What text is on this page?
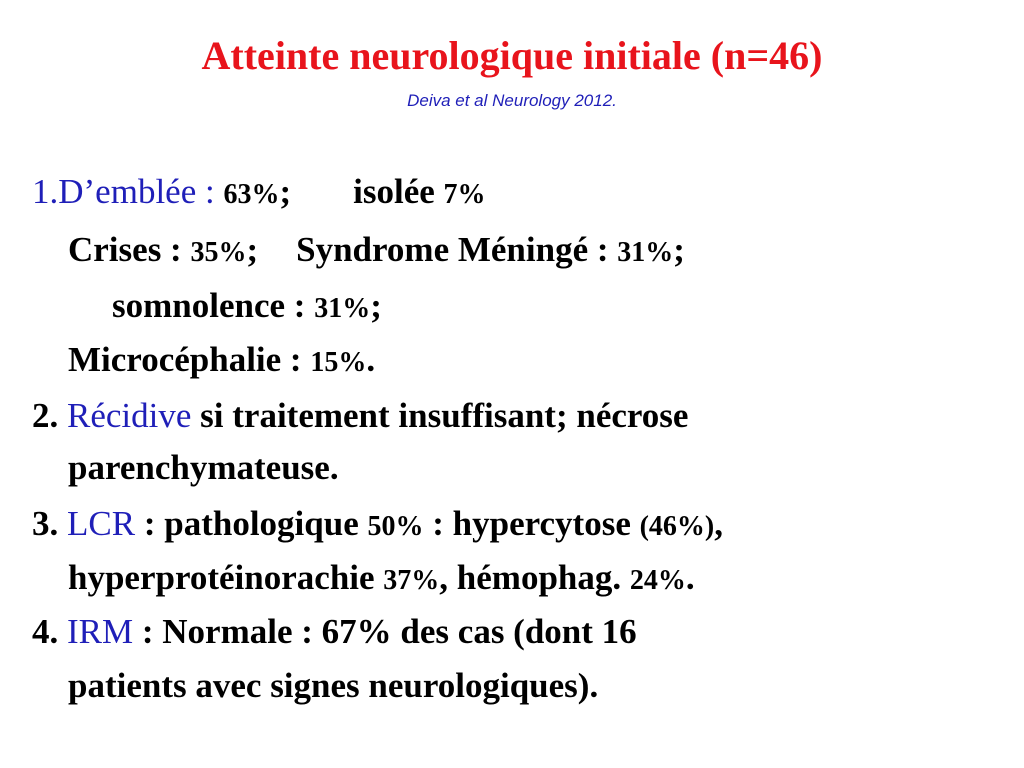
Atteinte neurologique initiale (n=46)
Deiva et al Neurology 2012.
1.D’emblée : 63%; isolée 7%
Crises : 35%; Syndrome Méningé : 31%;
somnolence : 31%;
Microcéphalie : 15%.
2. Récidive si traitement insuffisant; nécrose
parenchymateuse.
3. LCR : pathologique 50% : hypercytose (46%),
hyperprotéinorachie 37%, hémophag. 24%.
4. IRM : Normale : 67% des cas (dont 16
patients avec signes neurologiques).
